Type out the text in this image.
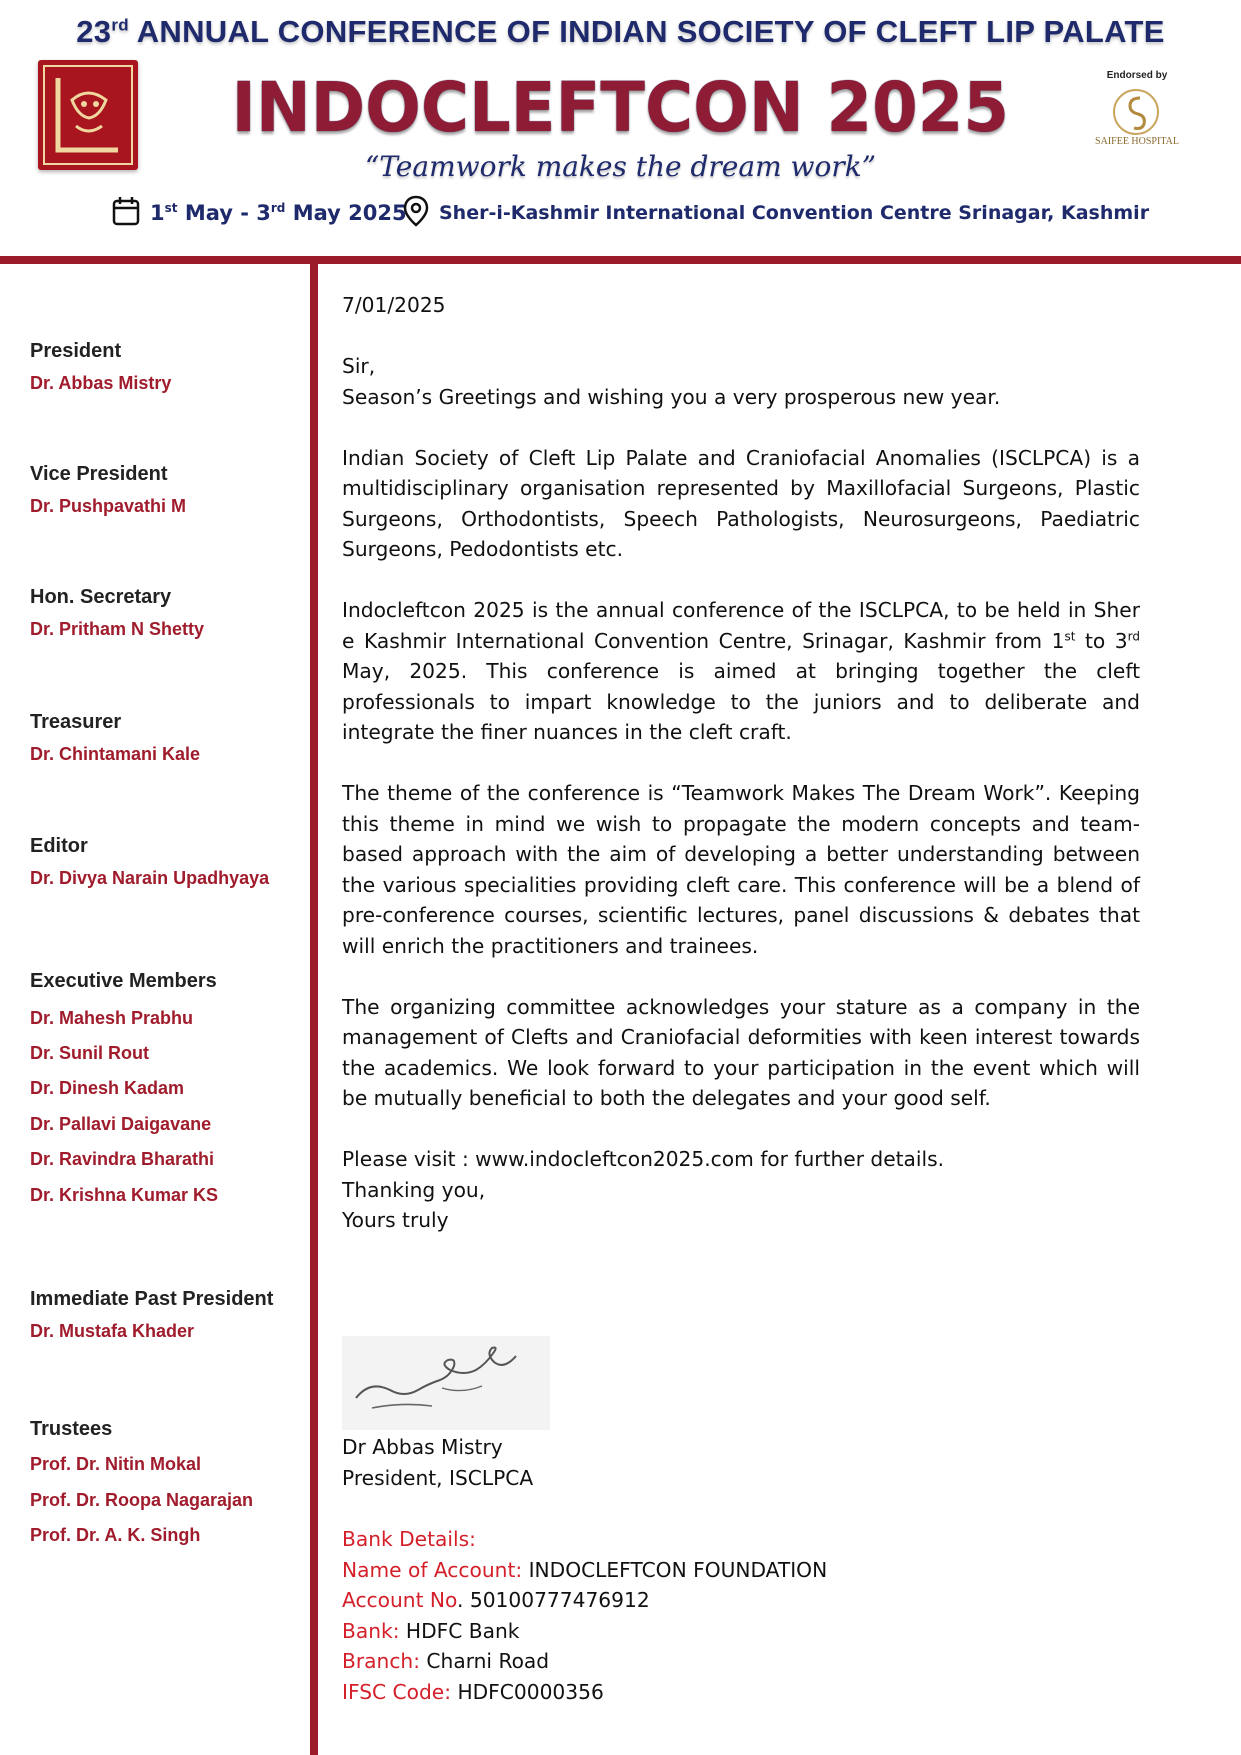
23rd ANNUAL CONFERENCE OF INDIAN SOCIETY OF CLEFT LIP PALATE
INDOCLEFTCON 2025	Endorsed by
SAIFEE HOSPITAL
“Teamwork makes the dream work”
1st May - 3rd May 2025 Sher-i-Kashmir International Convention Centre Srinagar, Kashmir
President
Dr. Abbas Mistry
Vice President
Dr. Pushpavathi M
Hon. Secretary
Dr. Pritham N Shetty
Treasurer
Dr. Chintamani Kale
Editor
Dr. Divya Narain Upadhyaya
Executive Members
Dr. Mahesh Prabhu
Dr. Sunil Rout
Dr. Dinesh Kadam
Dr. Pallavi Daigavane
Dr. Ravindra Bharathi
Dr. Krishna Kumar KS
Immediate Past President
Dr. Mustafa Khader
Trustees
Prof. Dr. Nitin Mokal
Prof. Dr. Roopa Nagarajan
Prof. Dr. A. K. Singh

7/01/2025

Sir,

Season’s Greetings and wishing you a very prosperous new year.

Indian Society of Cleft Lip Palate and Craniofacial Anomalies (ISCLPCA) is a multidisciplinary organisation represented by Maxillofacial Surgeons, Plastic Surgeons, Orthodontists, Speech Pathologists, Neurosurgeons, Paediatric Surgeons, Pedodontists etc.

Indocleftcon 2025 is the annual conference of the ISCLPCA, to be held in Sher e Kashmir International Convention Centre, Srinagar, Kashmir from 1st to 3rd May, 2025. This conference is aimed at bringing together the cleft professionals to impart knowledge to the juniors and to deliberate and integrate the finer nuances in the cleft craft.

The theme of the conference is “Teamwork Makes The Dream Work”. Keeping this theme in mind we wish to propagate the modern concepts and team-based approach with the aim of developing a better understanding between the various specialities providing cleft care. This conference will be a blend of pre-conference courses, scientific lectures, panel discussions & debates that will enrich the practitioners and trainees.

The organizing committee acknowledges your stature as a company in the management of Clefts and Craniofacial deformities with keen interest towards the academics. We look forward to your participation in the event which will be mutually beneficial to both the delegates and your good self.

Please visit : www.indocleftcon2025.com for further details.

Thanking you,

Yours truly

Dr Abbas Mistry
President, ISCLPCA
Bank Details:
Name of Account: INDOCLEFTCON FOUNDATION
Account No. 50100777476912
Bank: HDFC Bank
Branch: Charni Road
IFSC Code: HDFC0000356
